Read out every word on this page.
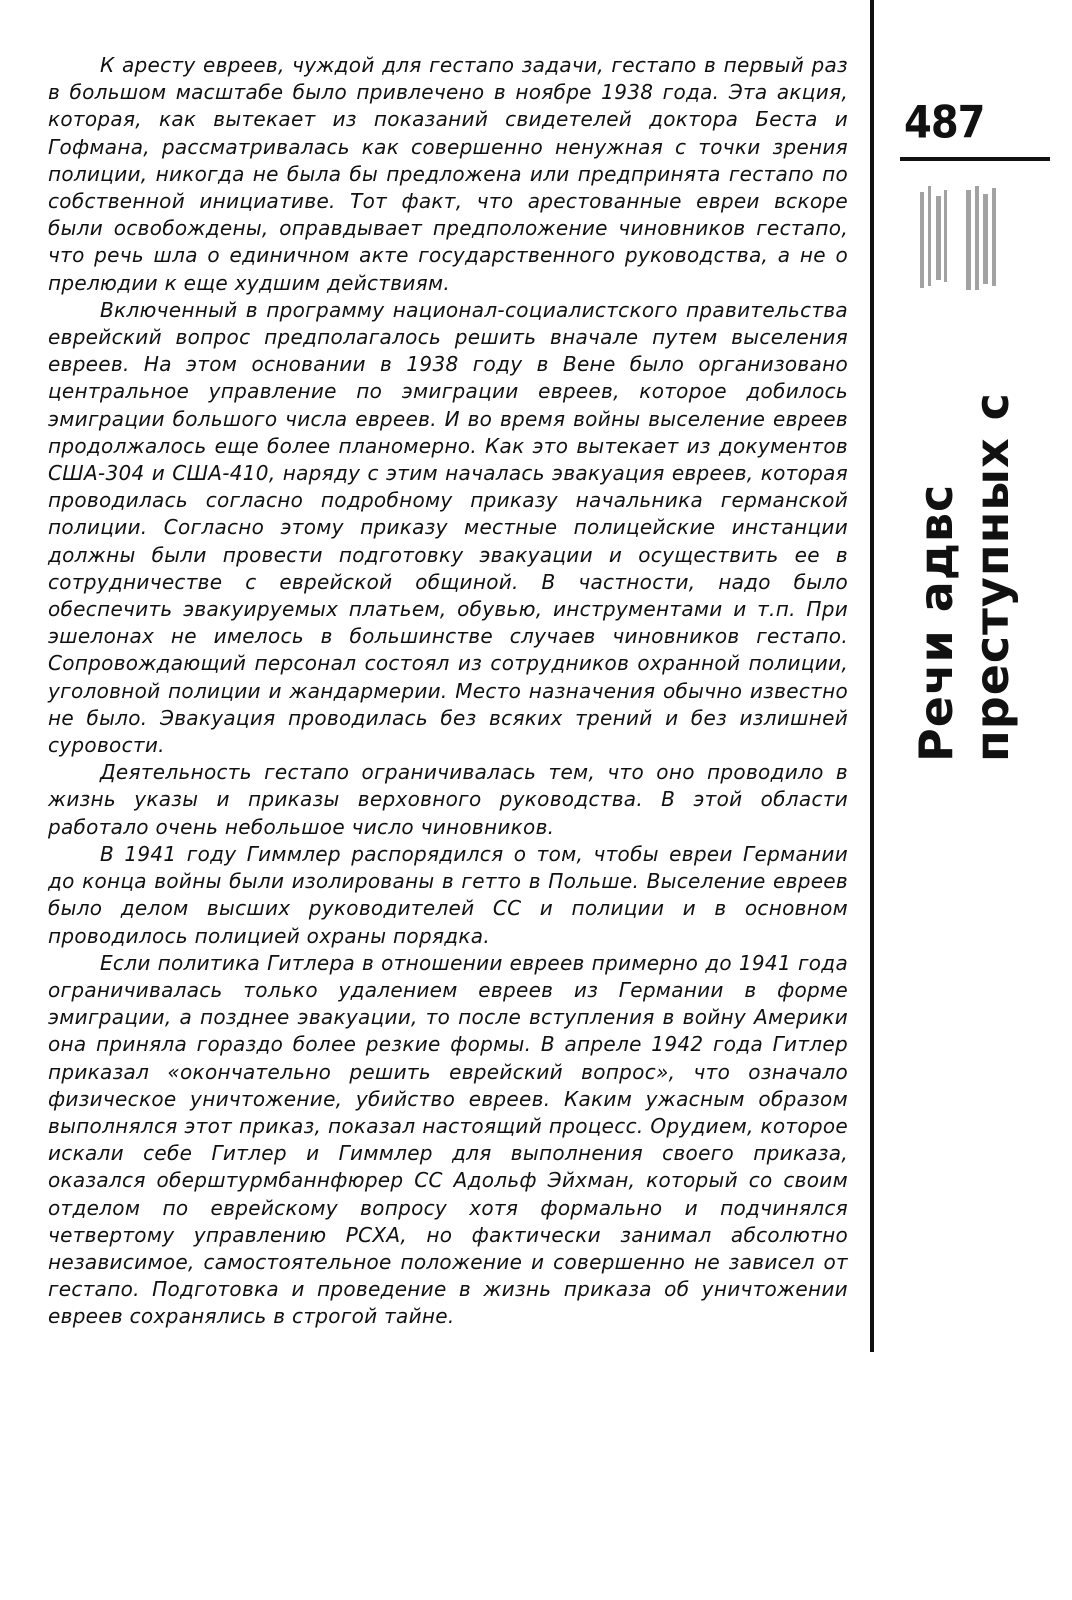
К аресту евреев, чуждой для гестапо задачи, гестапо в первый раз в большом масштабе было привлечено в ноябре 1938 года. Эта акция, которая, как вытекает из показаний свидетелей доктора Беста и Гофмана, рассматривалась как совершенно ненужная с точки зрения полиции, никогда не была бы предложена или предпринята гестапо по собственной инициативе. Тот факт, что арестованные евреи вскоре были освобождены, оправдывает предположение чиновников гестапо, что речь шла о единичном акте государственного руководства, а не о прелюдии к еще худшим действиям.

Включенный в программу национал-социалистского правительства еврейский вопрос предполагалось решить вначале путем выселения евреев. На этом основании в 1938 году в Вене было организовано центральное управление по эмиграции евреев, которое добилось эмиграции большого числа евреев. И во время войны выселение евреев продолжалось еще более планомерно. Как это вытекает из документов США-304 и США-410, наряду с этим началась эвакуация евреев, которая проводилась согласно подробному приказу начальника германской полиции. Согласно этому приказу местные полицейские инстанции должны были провести подготовку эвакуации и осуществить ее в сотрудничестве с еврейской общиной. В частности, надо было обеспечить эвакуируемых платьем, обувью, инструментами и т.п. При эшелонах не имелось в большинстве случаев чиновников гестапо. Сопровождающий персонал состоял из сотрудников охранной полиции, уголовной полиции и жандармерии. Место назначения обычно известно не было. Эвакуация проводилась без всяких трений и без излишней суровости.

Деятельность гестапо ограничивалась тем, что оно проводило в жизнь указы и приказы верховного руководства. В этой области работало очень небольшое число чиновников.

В 1941 году Гиммлер распорядился о том, чтобы евреи Германии до конца войны были изолированы в гетто в Польше. Выселение евреев было делом высших руководителей СС и полиции и в основном проводилось полицией охраны порядка.

Если политика Гитлера в отношении евреев примерно до 1941 года ограничивалась только удалением евреев из Германии в форме эмиграции, а позднее эвакуации, то после вступления в войну Америки она приняла гораздо более резкие формы. В апреле 1942 года Гитлер приказал «окончательно решить еврейский вопрос», что означало физическое уничтожение, убийство евреев. Каким ужасным образом выполнялся этот приказ, показал настоящий процесс. Орудием, которое искали себе Гитлер и Гиммлер для выполнения своего приказа, оказался оберштурмбаннфюрер СС Адольф Эйхман, который со своим отделом по еврейскому вопросу хотя формально и подчинялся четвертому управлению РСХА, но фактически занимал абсолютно независимое, самостоятельное положение и совершенно не зависел от гестапо. Подготовка и проведение в жизнь приказа об уничтожении евреев сохранялись в строгой тайне.

487
Речи адвс преступных с
